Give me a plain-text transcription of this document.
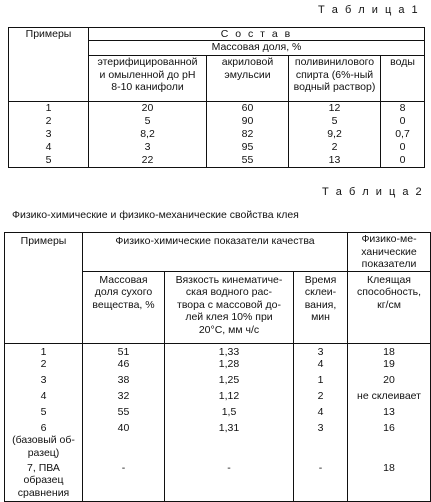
Т а б л и ц а 1
Примеры	С о с т а в			
	Массовая доля, %			

	этерифицированной
и омыленной до pH
8-10 канифоли	акриловой
эмульсии	поливинилового
спирта (6%-ный
водный раствор)	воды

1	20	60	12	8
2	5	90	5	0
3	8,2	82	9,2	0,7
4	3	95	2	0
5	22	55	13	0
Т а б л и ц а 2
Физико-химические и физико-механические свойства клея
Примеры	Физико-химические показатели качества			Физико-ме-
ханические
показатели

	Массовая
доля сухого
вещества, %	Вязкость кинематиче-
ская водного рас-
твора с массовой до-
лей клея 10% при
20°С, мм ч/с	Время
склеи-
вания,
мин	Клеящая
способность,
кг/см

1	51	1,33	3	18
2	46	1,28	4	19
3	38	1,25	1	20
4	32	1,12	2	не склеивает
5	55	1,5	4	13

6
(базовый об-
разец)	40	1,31	3	16

7, ПВА
образец
сравнения	-	-	-	18
